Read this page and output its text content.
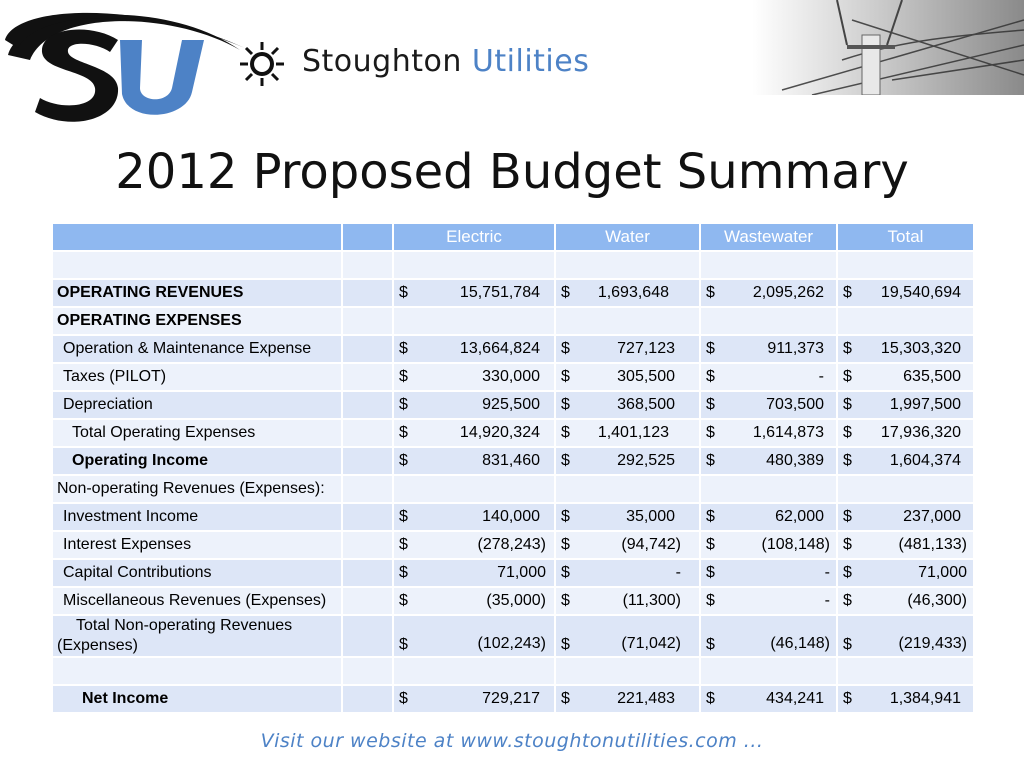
Stoughton Utilities
2012 Proposed Budget Summary
		Electric	Water	Wastewater	Total

OPERATING REVENUES		$ 15,751,784	$ 1,693,648	$ 2,095,262	$ 19,540,694

OPERATING EXPENSES					
Operation & Maintenance Expense		$ 13,664,824	$ 727,123	$ 911,373	$ 15,303,320

Taxes (PILOT)		$ 330,000	$ 305,500	$ -	$ 635,500

Depreciation		$ 925,500	$ 368,500	$ 703,500	$ 1,997,500

Total Operating Expenses		$ 14,920,324	$ 1,401,123	$ 1,614,873	$ 17,936,320

Operating Income		$ 831,460	$ 292,525	$ 480,389	$ 1,604,374

Non-operating Revenues (Expenses):					
Investment Income		$ 140,000	$ 35,000	$ 62,000	$ 237,000

Interest Expenses		$ (278,243)	$ (94,742)	$ (108,148)	$ (481,133)

Capital Contributions		$ 71,000	$ -	$ -	$ 71,000

Miscellaneous Revenues (Expenses)		$ (35,000)	$ (11,300)	$ -	$ (46,300)

Total Non-operating Revenues
(Expenses)		$ (102,243)	$ (71,042)	$ (46,148)	$ (219,433)

Net Income		$ 729,217	$ 221,483	$ 434,241	$ 1,384,941
Visit our website at www.stoughtonutilities.com ...
